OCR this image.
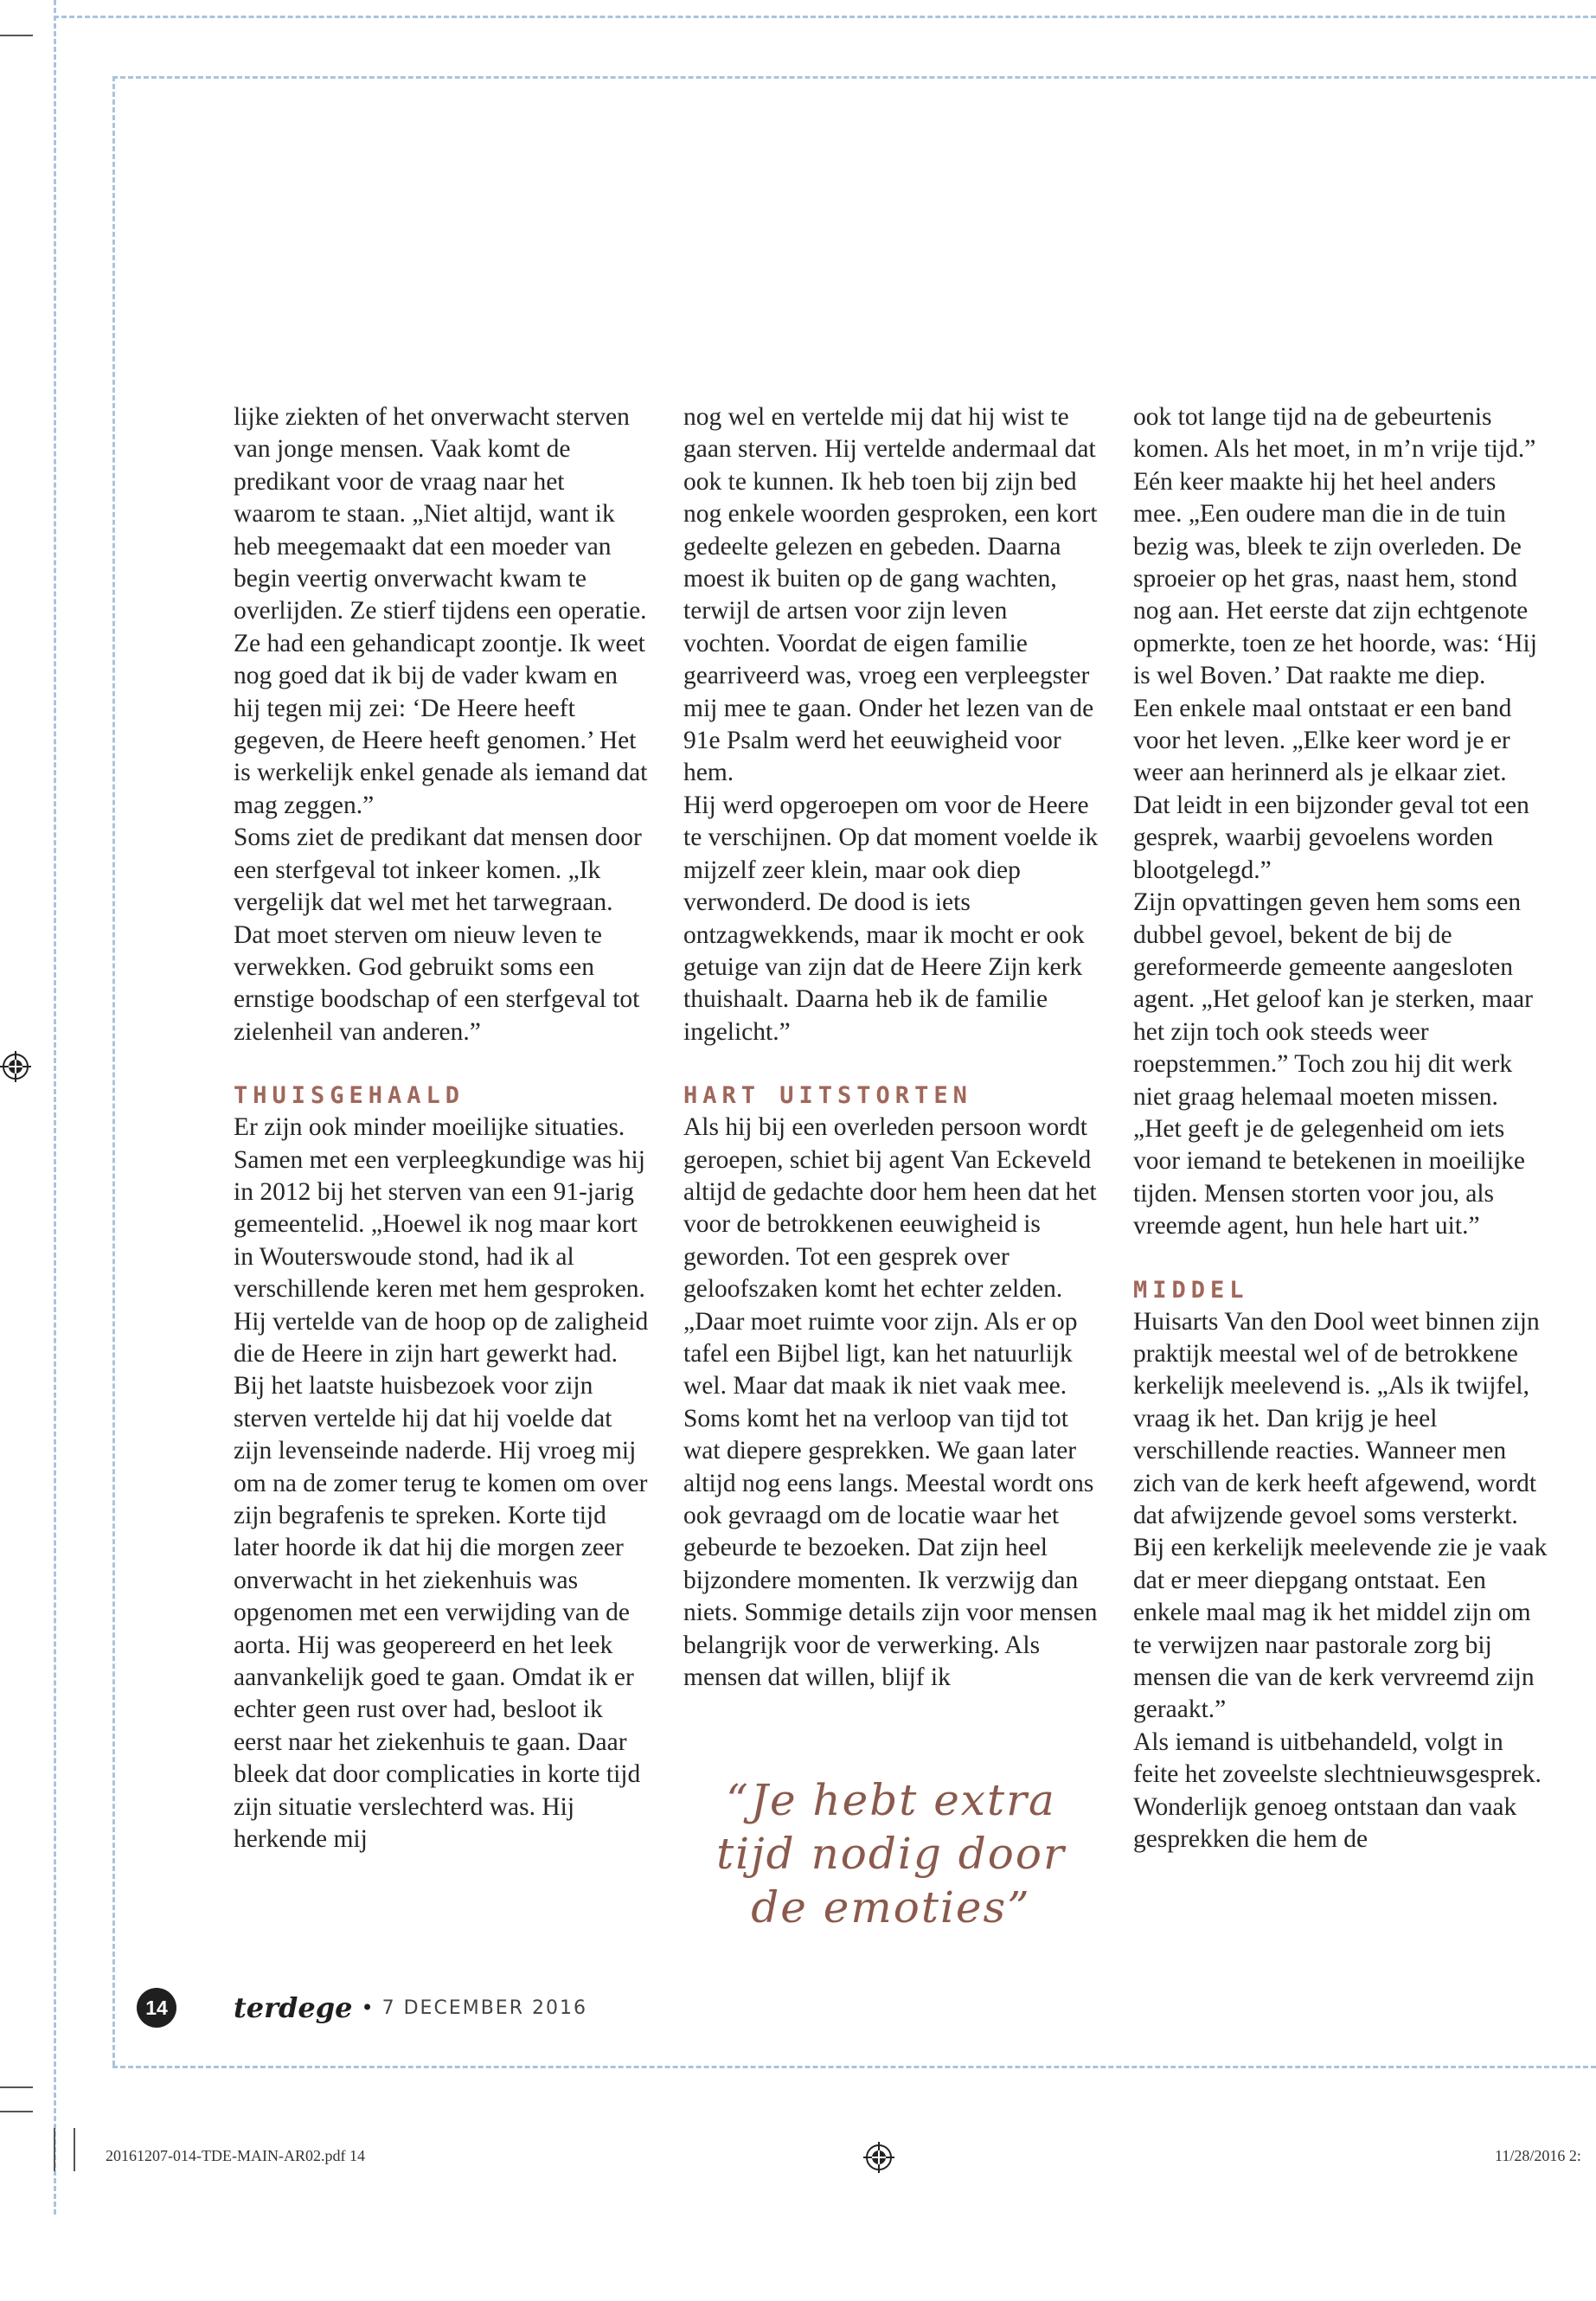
lijke ziekten of het onverwacht sterven van jonge mensen. Vaak komt de predikant voor de vraag naar het waarom te staan. „Niet altijd, want ik heb meegemaakt dat een moeder van begin veertig onverwacht kwam te overlijden. Ze stierf tijdens een operatie. Ze had een gehandicapt zoontje. Ik weet nog goed dat ik bij de vader kwam en hij tegen mij zei: ‘De Heere heeft gegeven, de Heere heeft genomen.’ Het is werkelijk enkel genade als iemand dat mag zeggen.”

Soms ziet de predikant dat mensen door een sterfgeval tot inkeer komen. „Ik vergelijk dat wel met het tarwegraan. Dat moet sterven om nieuw leven te verwekken. God gebruikt soms een ernstige boodschap of een sterfgeval tot zielenheil van anderen.”

THUISGEHAALD

Er zijn ook minder moeilijke situaties. Samen met een verpleegkundige was hij in 2012 bij het sterven van een 91-jarig gemeentelid. „Hoewel ik nog maar kort in Wouterswoude stond, had ik al verschillende keren met hem gesproken. Hij vertelde van de hoop op de zaligheid die de Heere in zijn hart gewerkt had. Bij het laatste huisbezoek voor zijn sterven vertelde hij dat hij voelde dat zijn levenseinde naderde. Hij vroeg mij om na de zomer terug te komen om over zijn begrafenis te spreken. Korte tijd later hoorde ik dat hij die morgen zeer onverwacht in het ziekenhuis was opgenomen met een verwijding van de aorta. Hij was geopereerd en het leek aanvankelijk goed te gaan. Omdat ik er echter geen rust over had, besloot ik eerst naar het ziekenhuis te gaan. Daar bleek dat door complicaties in korte tijd zijn situatie verslechterd was. Hij herkende mij

nog wel en vertelde mij dat hij wist te gaan sterven. Hij vertelde andermaal dat ook te kunnen. Ik heb toen bij zijn bed nog enkele woorden gesproken, een kort gedeelte gelezen en gebeden. Daarna moest ik buiten op de gang wachten, terwijl de artsen voor zijn leven vochten. Voordat de eigen familie gearriveerd was, vroeg een verpleegster mij mee te gaan. Onder het lezen van de 91e Psalm werd het eeuwigheid voor hem.

Hij werd opgeroepen om voor de Heere te verschijnen. Op dat moment voelde ik mijzelf zeer klein, maar ook diep verwonderd. De dood is iets ontzagwekkends, maar ik mocht er ook getuige van zijn dat de Heere Zijn kerk thuishaalt. Daarna heb ik de familie ingelicht.”

HART UITSTORTEN

Als hij bij een overleden persoon wordt geroepen, schiet bij agent Van Eckeveld altijd de gedachte door hem heen dat het voor de betrokkenen eeuwigheid is geworden. Tot een gesprek over geloofszaken komt het echter zelden. „Daar moet ruimte voor zijn. Als er op tafel een Bijbel ligt, kan het natuurlijk wel. Maar dat maak ik niet vaak mee. Soms komt het na verloop van tijd tot wat diepere gesprekken. We gaan later altijd nog eens langs. Meestal wordt ons ook gevraagd om de locatie waar het gebeurde te bezoeken. Dat zijn heel bijzondere momenten. Ik verzwijg dan niets. Sommige details zijn voor mensen belangrijk voor de verwerking. Als mensen dat willen, blijf ik

“Je hebt extra tijd nodig door de emoties”

ook tot lange tijd na de gebeurtenis komen. Als het moet, in m’n vrije tijd.”

Eén keer maakte hij het heel anders mee. „Een oudere man die in de tuin bezig was, bleek te zijn overleden. De sproeier op het gras, naast hem, stond nog aan. Het eerste dat zijn echtgenote opmerkte, toen ze het hoorde, was: ‘Hij is wel Boven.’ Dat raakte me diep.

Een enkele maal ontstaat er een band voor het leven. „Elke keer word je er weer aan herinnerd als je elkaar ziet. Dat leidt in een bijzonder geval tot een gesprek, waarbij gevoelens worden blootgelegd.”

Zijn opvattingen geven hem soms een dubbel gevoel, bekent de bij de gereformeerde gemeente aangesloten agent. „Het geloof kan je sterken, maar het zijn toch ook steeds weer roepstemmen.” Toch zou hij dit werk niet graag helemaal moeten missen. „Het geeft je de gelegenheid om iets voor iemand te betekenen in moeilijke tijden. Mensen storten voor jou, als vreemde agent, hun hele hart uit.”

MIDDEL

Huisarts Van den Dool weet binnen zijn praktijk meestal wel of de betrokkene kerkelijk meelevend is. „Als ik twijfel, vraag ik het. Dan krijg je heel verschillende reacties. Wanneer men zich van de kerk heeft afgewend, wordt dat afwijzende gevoel soms versterkt. Bij een kerkelijk meelevende zie je vaak dat er meer diepgang ontstaat. Een enkele maal mag ik het middel zijn om te verwijzen naar pastorale zorg bij mensen die van de kerk vervreemd zijn geraakt.”

Als iemand is uitbehandeld, volgt in feite het zoveelste slechtnieuwsgesprek. Wonderlijk genoeg ontstaan dan vaak gesprekken die hem de

14	terdege • 7 DECEMBER 2016
20161207-014-TDE-MAIN-AR02.pdf 14	11/28/2016 2:
